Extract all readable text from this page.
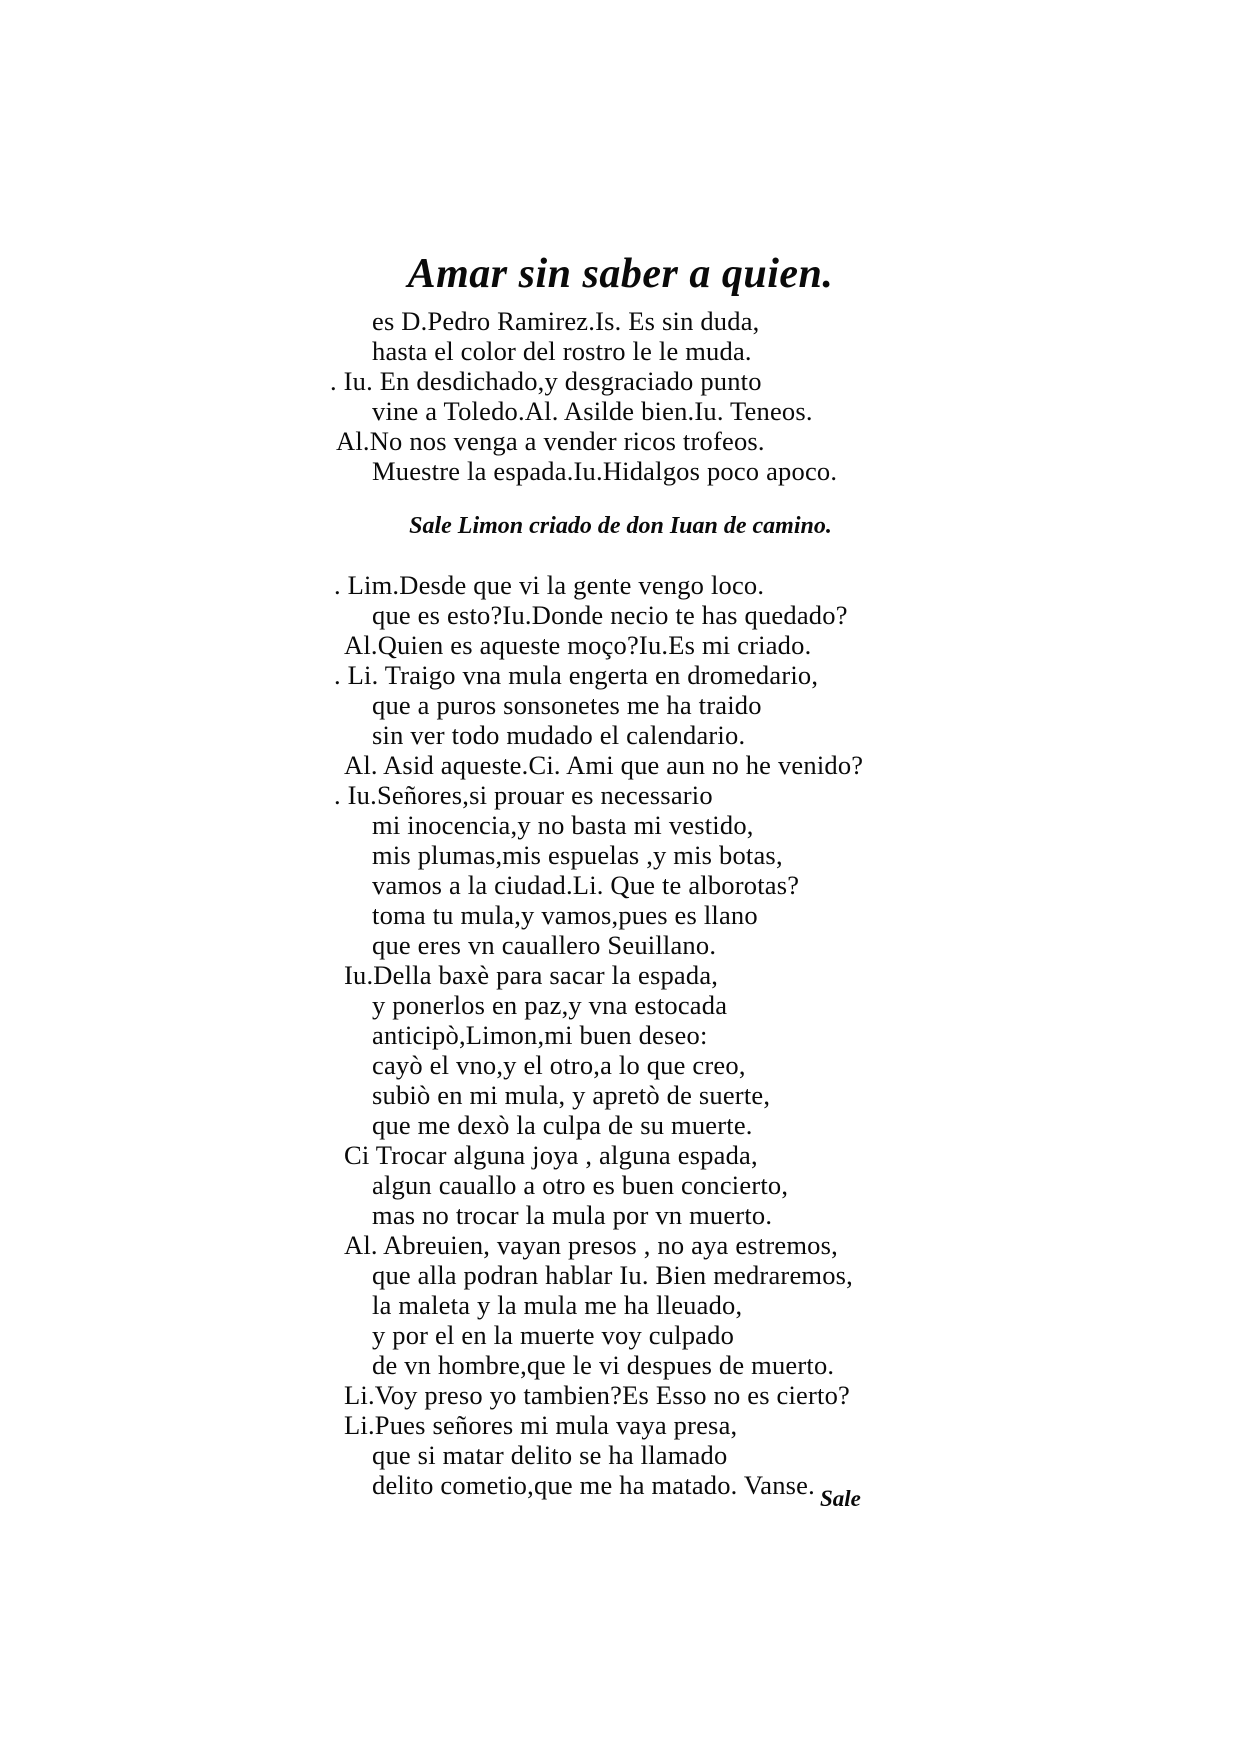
Amar sin saber a quien.
es D.Pedro Ramirez.Is. Es sin duda,
hasta el color del rostro le le muda.
. Iu. En desdichado,y desgraciado punto
vine a Toledo.Al. Asilde bien.Iu. Teneos.
Al.No nos venga a vender ricos trofeos.
Muestre la espada.Iu.Hidalgos poco apoco.
Sale Limon criado de don Iuan de camino.
. Lim.Desde que vi la gente vengo loco.
que es esto?Iu.Donde necio te has quedado?
Al.Quien es aqueste moço?Iu.Es mi criado.
. Li. Traigo vna mula engerta en dromedario,
que a puros sonsonetes me ha traido
sin ver todo mudado el calendario.
Al. Asid aqueste.Ci. Ami que aun no he venido?
. Iu.Señores,si prouar es necessario
mi inocencia,y no basta mi vestido,
mis plumas,mis espuelas ,y mis botas,
vamos a la ciudad.Li. Que te alborotas?
toma tu mula,y vamos,pues es llano
que eres vn cauallero Seuillano.
Iu.Della baxè para sacar la espada,
y ponerlos en paz,y vna estocada
anticipò,Limon,mi buen deseo:
cayò el vno,y el otro,a lo que creo,
subiò en mi mula, y apretò de suerte,
que me dexò la culpa de su muerte.
Ci Trocar alguna joya , alguna espada,
algun cauallo a otro es buen concierto,
mas no trocar la mula por vn muerto.
Al. Abreuien, vayan presos , no aya estremos,
que alla podran hablar Iu. Bien medraremos,
la maleta y la mula me ha lleuado,
y por el en la muerte voy culpado
de vn hombre,que le vi despues de muerto.
Li.Voy preso yo tambien?Es Esso no es cierto?
Li.Pues señores mi mula vaya presa,
que si matar delito se ha llamado
delito cometio,que me ha matado. Vanse. Sale
